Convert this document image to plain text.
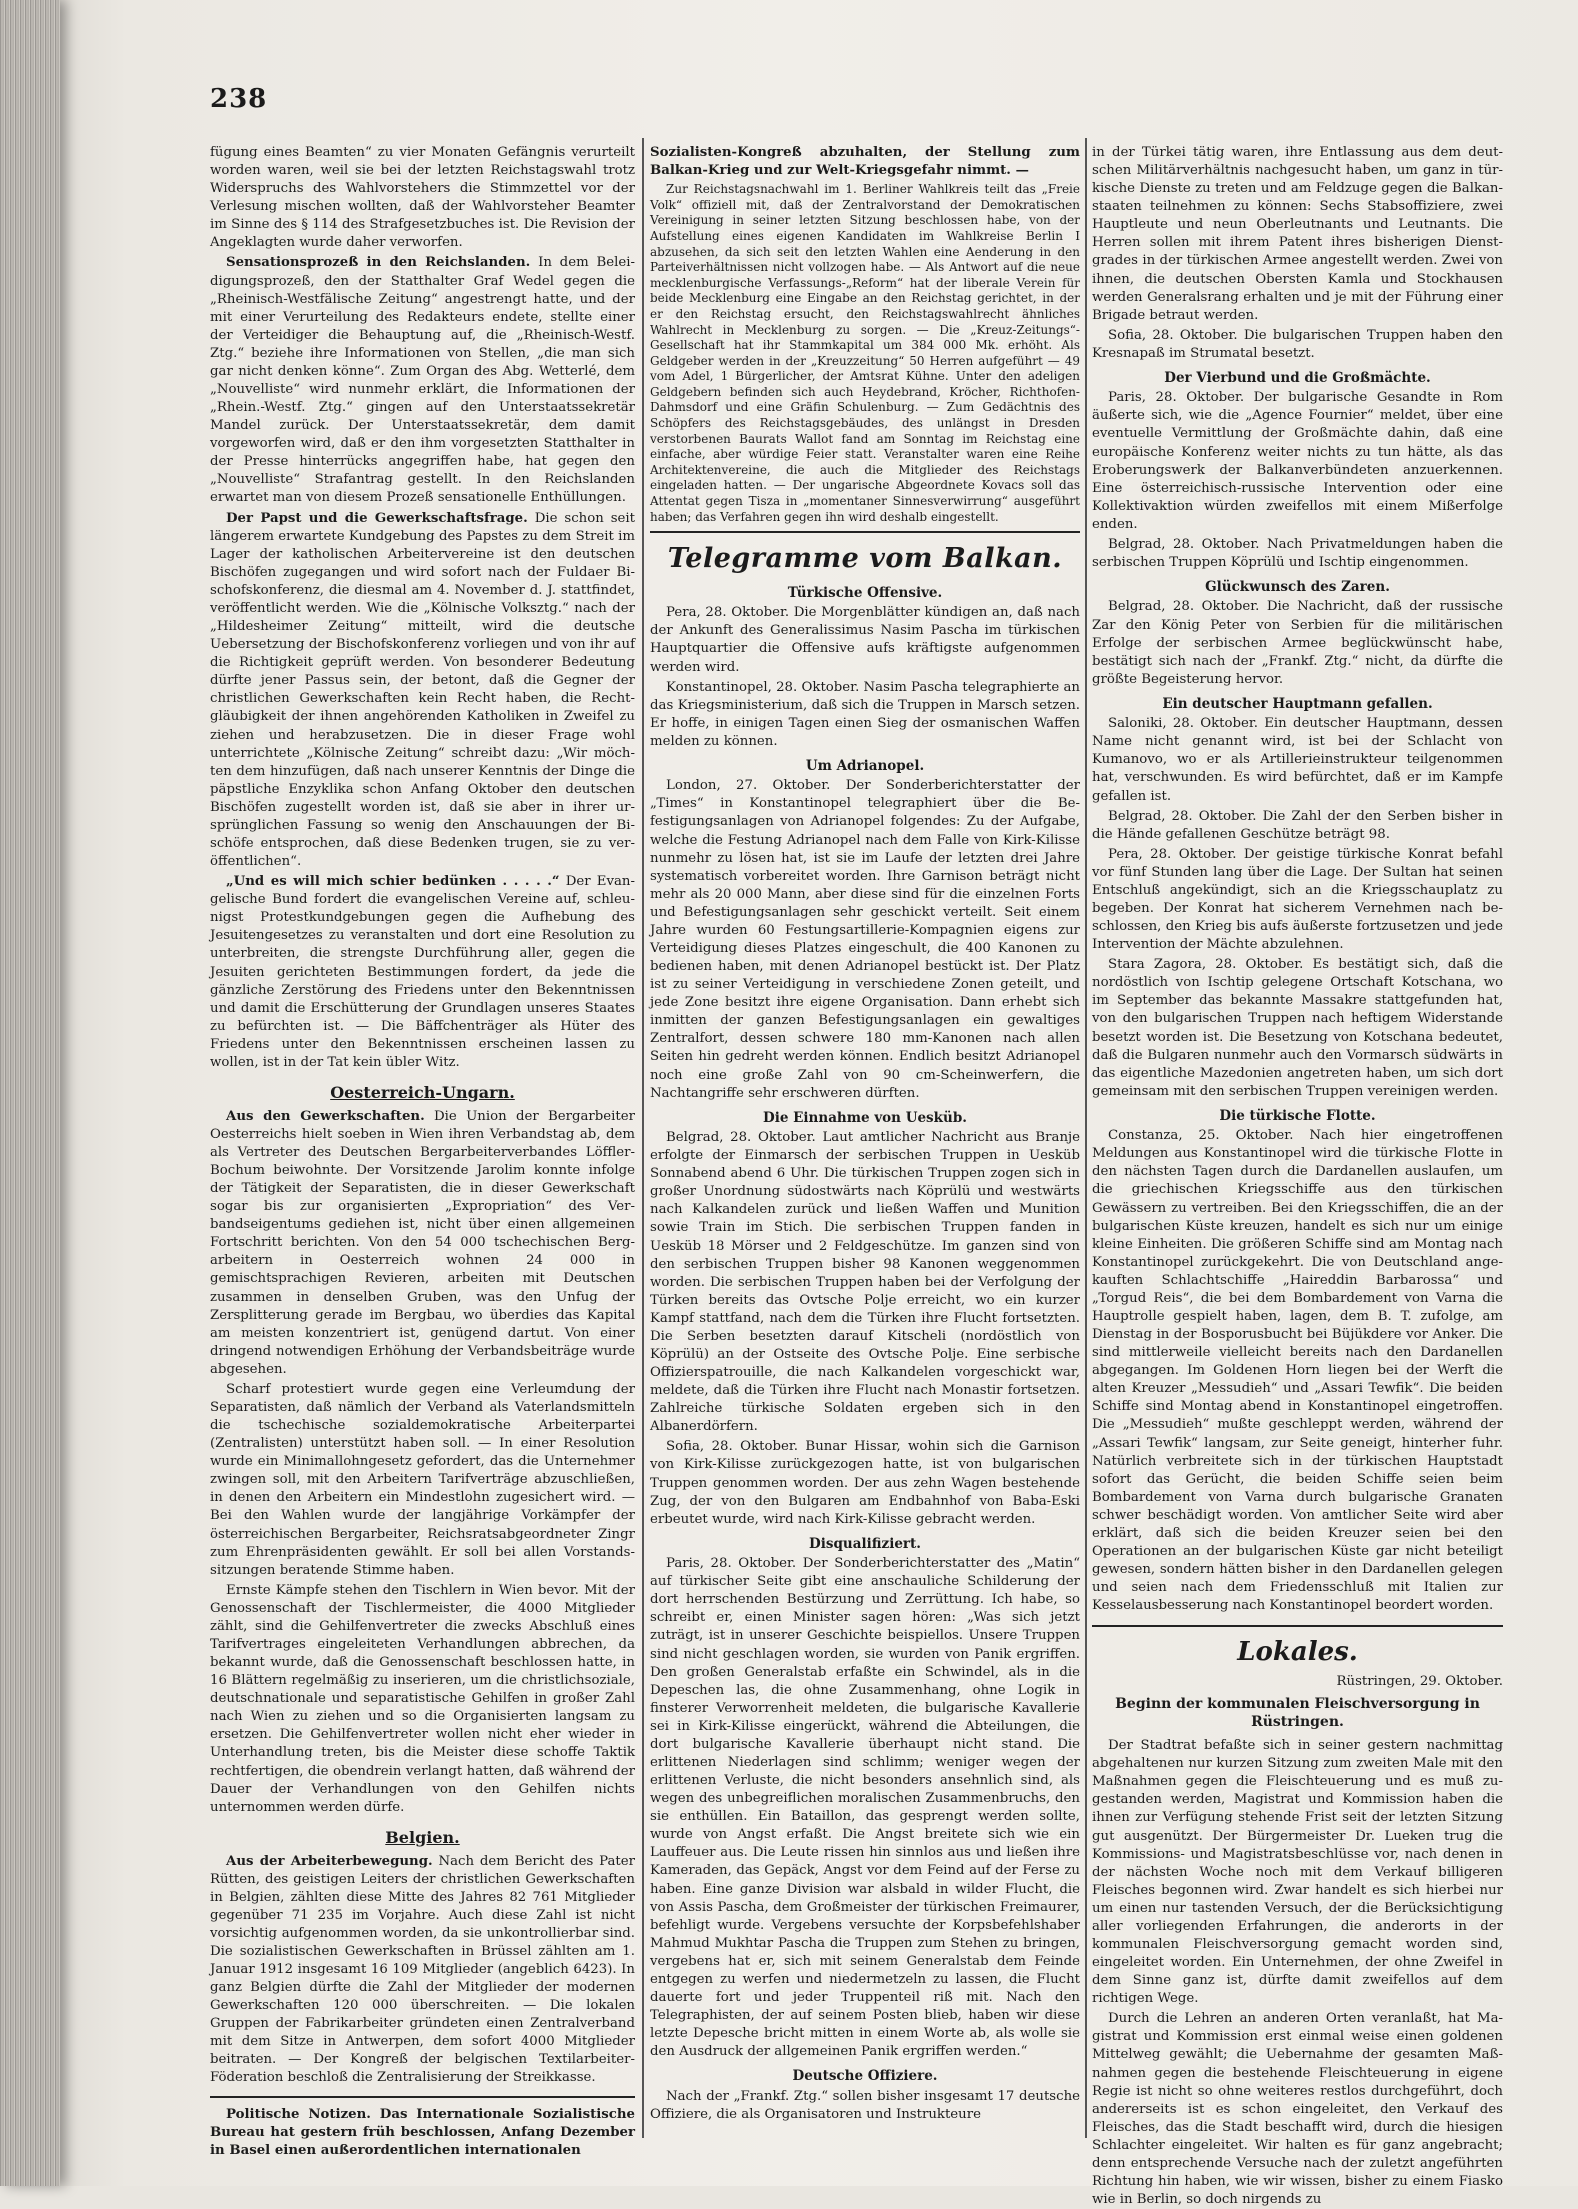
238

fügung eines Beamten“ zu vier Monaten Gefängnis verurteilt worden waren, weil sie bei der letzten Reichstagswahl trotz Widerspruchs des Wahlvorstehers die Stimmzettel vor der Verlesung mischen wollten, daß der Wahlvorsteher Beamter im Sinne des § 114 des Strafgesetzbuches ist. Die Revision der Angeklagten wurde daher verworfen.

Sensationsprozeß in den Reichslanden. In dem Beleidigungsprozeß, den der Statthalter Graf Wedel gegen die „Rheinisch-Westfälische Zeitung“ angestrengt hatte, und der mit einer Verurteilung des Redakteurs endete, stellte einer der Verteidiger die Behauptung auf, die „Rheinisch-Westf. Ztg.“ beziehe ihre Informationen von Stellen, „die man sich gar nicht denken könne“. Zum Organ des Abg. Wetterlé, dem „Nouvelliste“ wird nunmehr erklärt, die Informationen der „Rhein.-Westf. Ztg.“ gingen auf den Unterstaatssekretär Mandel zurück. Der Unterstaatssekretär, dem damit vorgeworfen wird, daß er den ihm vorgesetzten Statthalter in der Presse hinterrücks angegriffen habe, hat gegen den „Nouvelliste“ Strafantrag gestellt. In den Reichslanden erwartet man von diesem Prozeß sensationelle Enthüllungen.

Der Papst und die Gewerkschaftsfrage. Die schon seit längerem erwartete Kundgebung des Papstes zu dem Streit im Lager der katholischen Arbeitervereine ist den deutschen Bischöfen zugegangen und wird sofort nach der Fuldaer Bischofskonferenz, die diesmal am 4. November d. J. stattfindet, veröffentlicht werden. Wie die „Kölnische Volksztg.“ nach der „Hildesheimer Zeitung“ mitteilt, wird die deutsche Uebersetzung der Bischofskonferenz vorliegen und von ihr auf die Richtigkeit geprüft werden. Von besonderer Bedeutung dürfte jener Passus sein, der betont, daß die Gegner der christlichen Gewerkschaften kein Recht haben, die Rechtgläubigkeit der ihnen angehörenden Katholiken in Zweifel zu ziehen und herabzusetzen. Die in dieser Frage wohl unterrichtete „Kölnische Zeitung“ schreibt dazu: „Wir möchten dem hinzufügen, daß nach unserer Kenntnis der Dinge die päpstliche Enzyklika schon Anfang Oktober den deutschen Bischöfen zugestellt worden ist, daß sie aber in ihrer ursprünglichen Fassung so wenig den Anschauungen der Bischöfe entsprochen, daß diese Bedenken trugen, sie zu veröffentlichen“.

„Und es will mich schier bedünken . . . . .“ Der Evangelische Bund fordert die evangelischen Vereine auf, schleunigst Protestkundgebungen gegen die Aufhebung des Jesuitengesetzes zu veranstalten und dort eine Resolution zu unterbreiten, die strengste Durchführung aller, gegen die Jesuiten gerichteten Bestimmungen fordert, da jede die gänzliche Zerstörung des Friedens unter den Bekenntnissen und damit die Erschütterung der Grundlagen unseres Staates zu befürchten ist. — Die Bäffchenträger als Hüter des Friedens unter den Bekenntnissen erscheinen lassen zu wollen, ist in der Tat kein übler Witz.

Oesterreich-Ungarn.

Aus den Gewerkschaften. Die Union der Bergarbeiter Oesterreichs hielt soeben in Wien ihren Verbandstag ab, dem als Vertreter des Deutschen Bergarbeiterverbandes Löffler-Bochum beiwohnte. Der Vorsitzende Jarolim konnte infolge der Tätigkeit der Separatisten, die in dieser Gewerkschaft sogar bis zur organisierten „Expropriation“ des Verbandseigentums gediehen ist, nicht über einen allgemeinen Fortschritt berichten. Von den 54 000 tschechischen Bergarbeitern in Oesterreich wohnen 24 000 in gemischtsprachigen Revieren, arbeiten mit Deutschen zusammen in denselben Gruben, was den Unfug der Zersplitterung gerade im Bergbau, wo überdies das Kapital am meisten konzentriert ist, genügend dartut. Von einer dringend notwendigen Erhöhung der Verbandsbeiträge wurde abgesehen.

Scharf protestiert wurde gegen eine Verleumdung der Separatisten, daß nämlich der Verband als Vaterlandsmitteln die tschechische sozialdemokratische Arbeiterpartei (Zentralisten) unterstützt haben soll. — In einer Resolution wurde ein Minimallohngesetz gefordert, das die Unternehmer zwingen soll, mit den Arbeitern Tarifverträge abzuschließen, in denen den Arbeitern ein Mindestlohn zugesichert wird. — Bei den Wahlen wurde der langjährige Vorkämpfer der österreichischen Bergarbeiter, Reichsratsabgeordneter Zingr zum Ehrenpräsidenten gewählt. Er soll bei allen Vorstandssitzungen beratende Stimme haben.

Ernste Kämpfe stehen den Tischlern in Wien bevor. Mit der Genossenschaft der Tischlermeister, die 4000 Mitglieder zählt, sind die Gehilfenvertreter die zwecks Abschluß eines Tarifvertrages eingeleiteten Verhandlungen abbrechen, da bekannt wurde, daß die Genossenschaft beschlossen hatte, in 16 Blättern regelmäßig zu inserieren, um die christlichsoziale, deutschnationale und separatistische Gehilfen in großer Zahl nach Wien zu ziehen und so die Organisierten langsam zu ersetzen. Die Gehilfenvertreter wollen nicht eher wieder in Unterhandlung treten, bis die Meister diese schoffe Taktik rechtfertigen, die obendrein verlangt hatten, daß während der Dauer der Verhandlungen von den Gehilfen nichts unternommen werden dürfe.

Belgien.

Aus der Arbeiterbewegung. Nach dem Bericht des Pater Rütten, des geistigen Leiters der christlichen Gewerkschaften in Belgien, zählten diese Mitte des Jahres 82 761 Mitglieder gegenüber 71 235 im Vorjahre. Auch diese Zahl ist nicht vorsichtig aufgenommen worden, da sie unkontrollierbar sind. Die sozialistischen Gewerkschaften in Brüssel zählten am 1. Januar 1912 insgesamt 16 109 Mitglieder (angeblich 6423). In ganz Belgien dürfte die Zahl der Mitglieder der modernen Gewerkschaften 120 000 überschreiten. — Die lokalen Gruppen der Fabrikarbeiter gründeten einen Zentralverband mit dem Sitze in Antwerpen, dem sofort 4000 Mitglieder beitraten. — Der Kongreß der belgischen Textilarbeiter-Föderation beschloß die Zentralisierung der Streikkasse.

Politische Notizen. Das Internationale Sozialistische Bureau hat gestern früh beschlossen, Anfang Dezember in Basel einen außerordentlichen internationalen

Sozialisten-Kongreß abzuhalten, der Stellung zum Balkan-Krieg und zur Welt-Kriegsgefahr nimmt. —

Zur Reichstagsnachwahl im 1. Berliner Wahlkreis teilt das „Freie Volk“ offiziell mit, daß der Zentralvorstand der Demokratischen Vereinigung in seiner letzten Sitzung beschlossen habe, von der Aufstellung eines eigenen Kandidaten im Wahlkreise Berlin I abzusehen, da sich seit den letzten Wahlen eine Aenderung in den Parteiverhältnissen nicht vollzogen habe. — Als Antwort auf die neue mecklenburgische Verfassungs-„Reform“ hat der liberale Verein für beide Mecklenburg eine Eingabe an den Reichstag gerichtet, in der er den Reichstag ersucht, den Reichstagswahlrecht ähnliches Wahlrecht in Mecklenburg zu sorgen. — Die „Kreuz-Zeitungs“-Gesellschaft hat ihr Stammkapital um 384 000 Mk. erhöht. Als Geldgeber werden in der „Kreuzzeitung“ 50 Herren aufgeführt — 49 vom Adel, 1 Bürgerlicher, der Amtsrat Kühne. Unter den adeligen Geldgebern befinden sich auch Heydebrand, Kröcher, Richthofen-Dahmsdorf und eine Gräfin Schulenburg. — Zum Gedächtnis des Schöpfers des Reichstagsgebäudes, des unlängst in Dresden verstorbenen Baurats Wallot fand am Sonntag im Reichstag eine einfache, aber würdige Feier statt. Veranstalter waren eine Reihe Architektenvereine, die auch die Mitglieder des Reichstags eingeladen hatten. — Der ungarische Abgeordnete Kovacs soll das Attentat gegen Tisza in „momentaner Sinnesverwirrung“ ausgeführt haben; das Verfahren gegen ihn wird deshalb eingestellt.

Telegramme vom Balkan.
Türkische Offensive.

Pera, 28. Oktober. Die Morgenblätter kündigen an, daß nach der Ankunft des Generalissimus Nasim Pascha im türkischen Hauptquartier die Offensive aufs kräftigste aufgenommen werden wird.

Konstantinopel, 28. Oktober. Nasim Pascha telegraphierte an das Kriegsministerium, daß sich die Truppen in Marsch setzen. Er hoffe, in einigen Tagen einen Sieg der osmanischen Waffen melden zu können.

Um Adrianopel.

London, 27. Oktober. Der Sonderberichterstatter der „Times“ in Konstantinopel telegraphiert über die Befestigungsanlagen von Adrianopel folgendes: Zu der Aufgabe, welche die Festung Adrianopel nach dem Falle von Kirk-Kilisse nunmehr zu lösen hat, ist sie im Laufe der letzten drei Jahre systematisch vorbereitet worden. Ihre Garnison beträgt nicht mehr als 20 000 Mann, aber diese sind für die einzelnen Forts und Befestigungsanlagen sehr geschickt verteilt. Seit einem Jahre wurden 60 Festungsartillerie-Kompagnien eigens zur Verteidigung dieses Platzes eingeschult, die 400 Kanonen zu bedienen haben, mit denen Adrianopel bestückt ist. Der Platz ist zu seiner Verteidigung in verschiedene Zonen geteilt, und jede Zone besitzt ihre eigene Organisation. Dann erhebt sich inmitten der ganzen Befestigungsanlagen ein gewaltiges Zentralfort, dessen schwere 180 mm-Kanonen nach allen Seiten hin gedreht werden können. Endlich besitzt Adrianopel noch eine große Zahl von 90 cm-Scheinwerfern, die Nachtangriffe sehr erschweren dürften.

Die Einnahme von Uesküb.

Belgrad, 28. Oktober. Laut amtlicher Nachricht aus Branje erfolgte der Einmarsch der serbischen Truppen in Uesküb Sonnabend abend 6 Uhr. Die türkischen Truppen zogen sich in großer Unordnung südostwärts nach Köprülü und westwärts nach Kalkandelen zurück und ließen Waffen und Munition sowie Train im Stich. Die serbischen Truppen fanden in Uesküb 18 Mörser und 2 Feldgeschütze. Im ganzen sind von den serbischen Truppen bisher 98 Kanonen weggenommen worden. Die serbischen Truppen haben bei der Verfolgung der Türken bereits das Ovtsche Polje erreicht, wo ein kurzer Kampf stattfand, nach dem die Türken ihre Flucht fortsetzten. Die Serben besetzten darauf Kitscheli (nordöstlich von Köprülü) an der Ostseite des Ovtsche Polje. Eine serbische Offizierspatrouille, die nach Kalkandelen vorgeschickt war, meldete, daß die Türken ihre Flucht nach Monastir fortsetzen. Zahlreiche türkische Soldaten ergeben sich in den Albanerdörfern.

Sofia, 28. Oktober. Bunar Hissar, wohin sich die Garnison von Kirk-Kilisse zurückgezogen hatte, ist von bulgarischen Truppen genommen worden. Der aus zehn Wagen bestehende Zug, der von den Bulgaren am Endbahnhof von Baba-Eski erbeutet wurde, wird nach Kirk-Kilisse gebracht werden.

Disqualifiziert.

Paris, 28. Oktober. Der Sonderberichterstatter des „Matin“ auf türkischer Seite gibt eine anschauliche Schilderung der dort herrschenden Bestürzung und Zerrüttung. Ich habe, so schreibt er, einen Minister sagen hören: „Was sich jetzt zuträgt, ist in unserer Geschichte beispiellos. Unsere Truppen sind nicht geschlagen worden, sie wurden von Panik ergriffen. Den großen Generalstab erfaßte ein Schwindel, als in die Depeschen las, die ohne Zusammenhang, ohne Logik in finsterer Verworrenheit meldeten, die bulgarische Kavallerie sei in Kirk-Kilisse eingerückt, während die Abteilungen, die dort bulgarische Kavallerie überhaupt nicht stand. Die erlittenen Niederlagen sind schlimm; weniger wegen der erlittenen Verluste, die nicht besonders ansehnlich sind, als wegen des unbegreiflichen moralischen Zusammenbruchs, den sie enthüllen. Ein Bataillon, das gesprengt werden sollte, wurde von Angst erfaßt. Die Angst breitete sich wie ein Lauffeuer aus. Die Leute rissen hin sinnlos aus und ließen ihre Kameraden, das Gepäck, Angst vor dem Feind auf der Ferse zu haben. Eine ganze Division war alsbald in wilder Flucht, die von Assis Pascha, dem Großmeister der türkischen Freimaurer, befehligt wurde. Vergebens versuchte der Korpsbefehlshaber Mahmud Mukhtar Pascha die Truppen zum Stehen zu bringen, vergebens hat er, sich mit seinem Generalstab dem Feinde entgegen zu werfen und niedermetzeln zu lassen, die Flucht dauerte fort und jeder Truppenteil riß mit. Nach den Telegraphisten, der auf seinem Posten blieb, haben wir diese letzte Depesche bricht mitten in einem Worte ab, als wolle sie den Ausdruck der allgemeinen Panik ergriffen werden.“

Deutsche Offiziere.

Nach der „Frankf. Ztg.“ sollen bisher insgesamt 17 deutsche Offiziere, die als Organisatoren und Instrukteure

in der Türkei tätig waren, ihre Entlassung aus dem deutschen Militärverhältnis nachgesucht haben, um ganz in türkische Dienste zu treten und am Feldzuge gegen die Balkanstaaten teilnehmen zu können: Sechs Stabsoffiziere, zwei Hauptleute und neun Oberleutnants und Leutnants. Die Herren sollen mit ihrem Patent ihres bisherigen Dienstgrades in der türkischen Armee angestellt werden. Zwei von ihnen, die deutschen Obersten Kamla und Stockhausen werden Generalsrang erhalten und je mit der Führung einer Brigade betraut werden.

Sofia, 28. Oktober. Die bulgarischen Truppen haben den Kresnapaß im Strumatal besetzt.

Der Vierbund und die Großmächte.

Paris, 28. Oktober. Der bulgarische Gesandte in Rom äußerte sich, wie die „Agence Fournier“ meldet, über eine eventuelle Vermittlung der Großmächte dahin, daß eine europäische Konferenz weiter nichts zu tun hätte, als das Eroberungswerk der Balkanverbündeten anzuerkennen. Eine österreichisch-russische Intervention oder eine Kollektivaktion würden zweifellos mit einem Mißerfolge enden.

Belgrad, 28. Oktober. Nach Privatmeldungen haben die serbischen Truppen Köprülü und Ischtip eingenommen.

Glückwunsch des Zaren.

Belgrad, 28. Oktober. Die Nachricht, daß der russische Zar den König Peter von Serbien für die militärischen Erfolge der serbischen Armee beglückwünscht habe, bestätigt sich nach der „Frankf. Ztg.“ nicht, da dürfte die größte Begeisterung hervor.

Ein deutscher Hauptmann gefallen.

Saloniki, 28. Oktober. Ein deutscher Hauptmann, dessen Name nicht genannt wird, ist bei der Schlacht von Kumanovo, wo er als Artillerieinstrukteur teilgenommen hat, verschwunden. Es wird befürchtet, daß er im Kampfe gefallen ist.

Belgrad, 28. Oktober. Die Zahl der den Serben bisher in die Hände gefallenen Geschütze beträgt 98.

Pera, 28. Oktober. Der geistige türkische Konrat befahl vor fünf Stunden lang über die Lage. Der Sultan hat seinen Entschluß angekündigt, sich an die Kriegsschauplatz zu begeben. Der Konrat hat sicherem Vernehmen nach beschlossen, den Krieg bis aufs äußerste fortzusetzen und jede Intervention der Mächte abzulehnen.

Stara Zagora, 28. Oktober. Es bestätigt sich, daß die nordöstlich von Ischtip gelegene Ortschaft Kotschana, wo im September das bekannte Massakre stattgefunden hat, von den bulgarischen Truppen nach heftigem Widerstande besetzt worden ist. Die Besetzung von Kotschana bedeutet, daß die Bulgaren nunmehr auch den Vormarsch südwärts in das eigentliche Mazedonien angetreten haben, um sich dort gemeinsam mit den serbischen Truppen vereinigen werden.

Die türkische Flotte.

Constanza, 25. Oktober. Nach hier eingetroffenen Meldungen aus Konstantinopel wird die türkische Flotte in den nächsten Tagen durch die Dardanellen auslaufen, um die griechischen Kriegsschiffe aus den türkischen Gewässern zu vertreiben. Bei den Kriegsschiffen, die an der bulgarischen Küste kreuzen, handelt es sich nur um einige kleine Einheiten. Die größeren Schiffe sind am Montag nach Konstantinopel zurückgekehrt. Die von Deutschland angekauften Schlachtschiffe „Haireddin Barbarossa“ und „Torgud Reis“, die bei dem Bombardement von Varna die Hauptrolle gespielt haben, lagen, dem B. T. zufolge, am Dienstag in der Bosporusbucht bei Büjükdere vor Anker. Die sind mittlerweile vielleicht bereits nach den Dardanellen abgegangen. Im Goldenen Horn liegen bei der Werft die alten Kreuzer „Messudieh“ und „Assari Tewfik“. Die beiden Schiffe sind Montag abend in Konstantinopel eingetroffen. Die „Messudieh“ mußte geschleppt werden, während der „Assari Tewfik“ langsam, zur Seite geneigt, hinterher fuhr. Natürlich verbreitete sich in der türkischen Hauptstadt sofort das Gerücht, die beiden Schiffe seien beim Bombardement von Varna durch bulgarische Granaten schwer beschädigt worden. Von amtlicher Seite wird aber erklärt, daß sich die beiden Kreuzer seien bei den Operationen an der bulgarischen Küste gar nicht beteiligt gewesen, sondern hätten bisher in den Dardanellen gelegen und seien nach dem Friedensschluß mit Italien zur Kesselausbesserung nach Konstantinopel beordert worden.

Lokales.
Rüstringen, 29. Oktober.
Beginn der kommunalen Fleischversorgung in Rüstringen.

Der Stadtrat befaßte sich in seiner gestern nachmittag abgehaltenen nur kurzen Sitzung zum zweiten Male mit den Maßnahmen gegen die Fleischteuerung und es muß zugestanden werden, Magistrat und Kommission haben die ihnen zur Verfügung stehende Frist seit der letzten Sitzung gut ausgenützt. Der Bürgermeister Dr. Lueken trug die Kommissions- und Magistratsbeschlüsse vor, nach denen in der nächsten Woche noch mit dem Verkauf billigeren Fleisches begonnen wird. Zwar handelt es sich hierbei nur um einen nur tastenden Versuch, der die Berücksichtigung aller vorliegenden Erfahrungen, die anderorts in der kommunalen Fleischversorgung gemacht worden sind, eingeleitet worden. Ein Unternehmen, der ohne Zweifel in dem Sinne ganz ist, dürfte damit zweifellos auf dem richtigen Wege.

Durch die Lehren an anderen Orten veranlaßt, hat Magistrat und Kommission erst einmal weise einen goldenen Mittelweg gewählt; die Uebernahme der gesamten Maßnahmen gegen die bestehende Fleischteuerung in eigene Regie ist nicht so ohne weiteres restlos durchgeführt, doch andererseits ist es schon eingeleitet, den Verkauf des Fleisches, das die Stadt beschafft wird, durch die hiesigen Schlachter eingeleitet. Wir halten es für ganz angebracht; denn entsprechende Versuche nach der zuletzt angeführten Richtung hin haben, wie wir wissen, bisher zu einem Fiasko wie in Berlin, so doch nirgends zu
